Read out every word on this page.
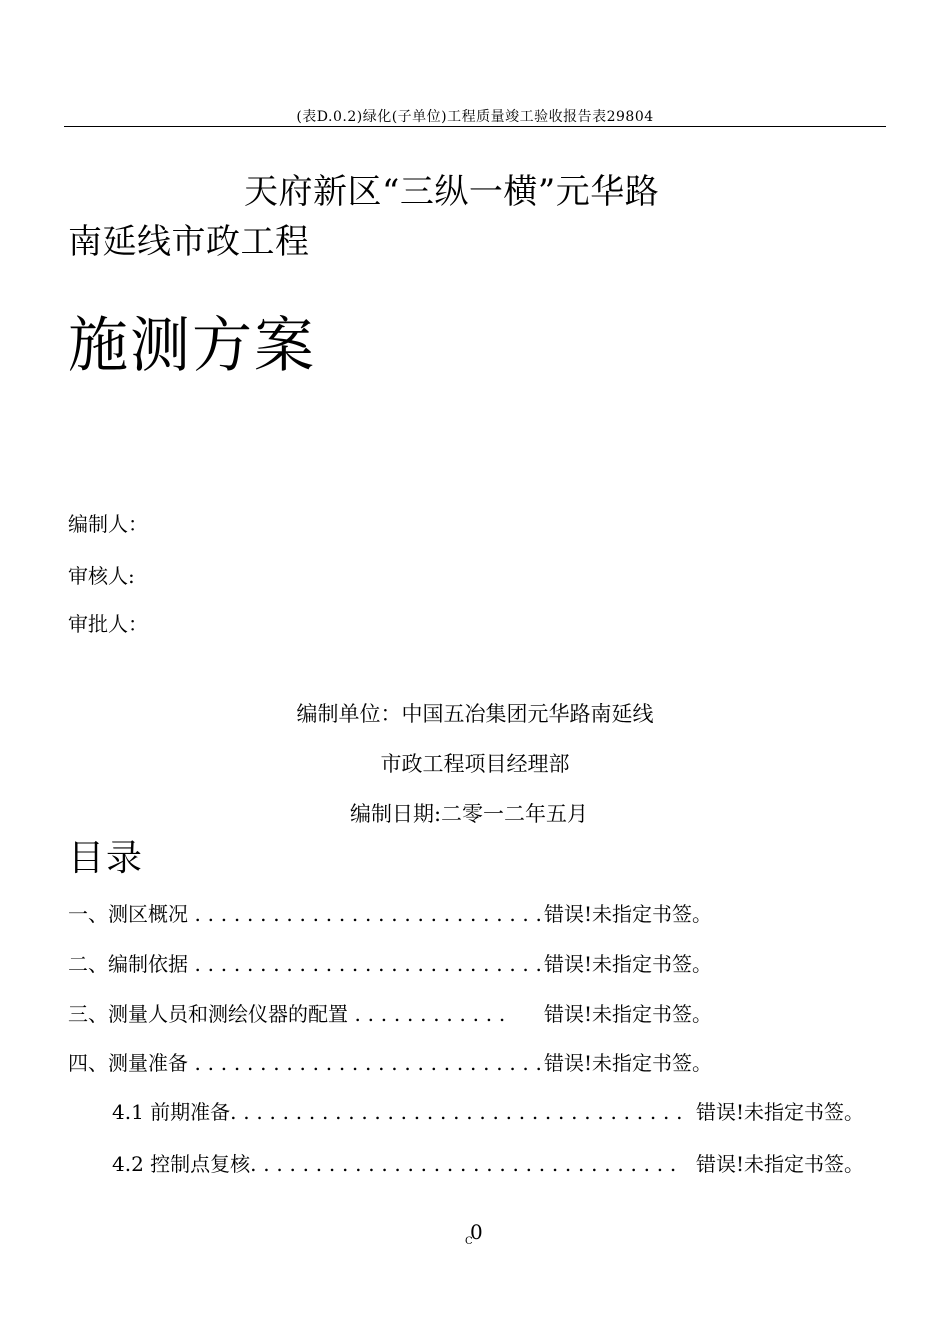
(表D.0.2)绿化(子单位)工程质量竣工验收报告表29804
天府新区“三纵一横”元华路
南延线市政工程
施测方案
编制人：
审核人:
审批人：
编制单位：中国五冶集团元华路南延线
市政工程项目经理部
编制日期:二零一二年五月
目录
一、测区概况 . . . . . . . . . . . . . . . . . . . . . . . . . . . 错误!未指定书签。
二、编制依据 . . . . . . . . . . . . . . . . . . . . . . . . . . . 错误!未指定书签。
三、测量人员和测绘仪器的配置 . . . . . . . . . . . . 错误!未指定书签。
四、测量准备 . . . . . . . . . . . . . . . . . . . . . . . . . . . 错误!未指定书签。
4.1 前期准备. . . . . . . . . . . . . . . . . . . . . . . . . . . . . . . . . . . 错误!未指定书签。
4.2 控制点复核. . . . . . . . . . . . . . . . . . . . . . . . . . . . . . . . . 错误!未指定书签。
0
C
